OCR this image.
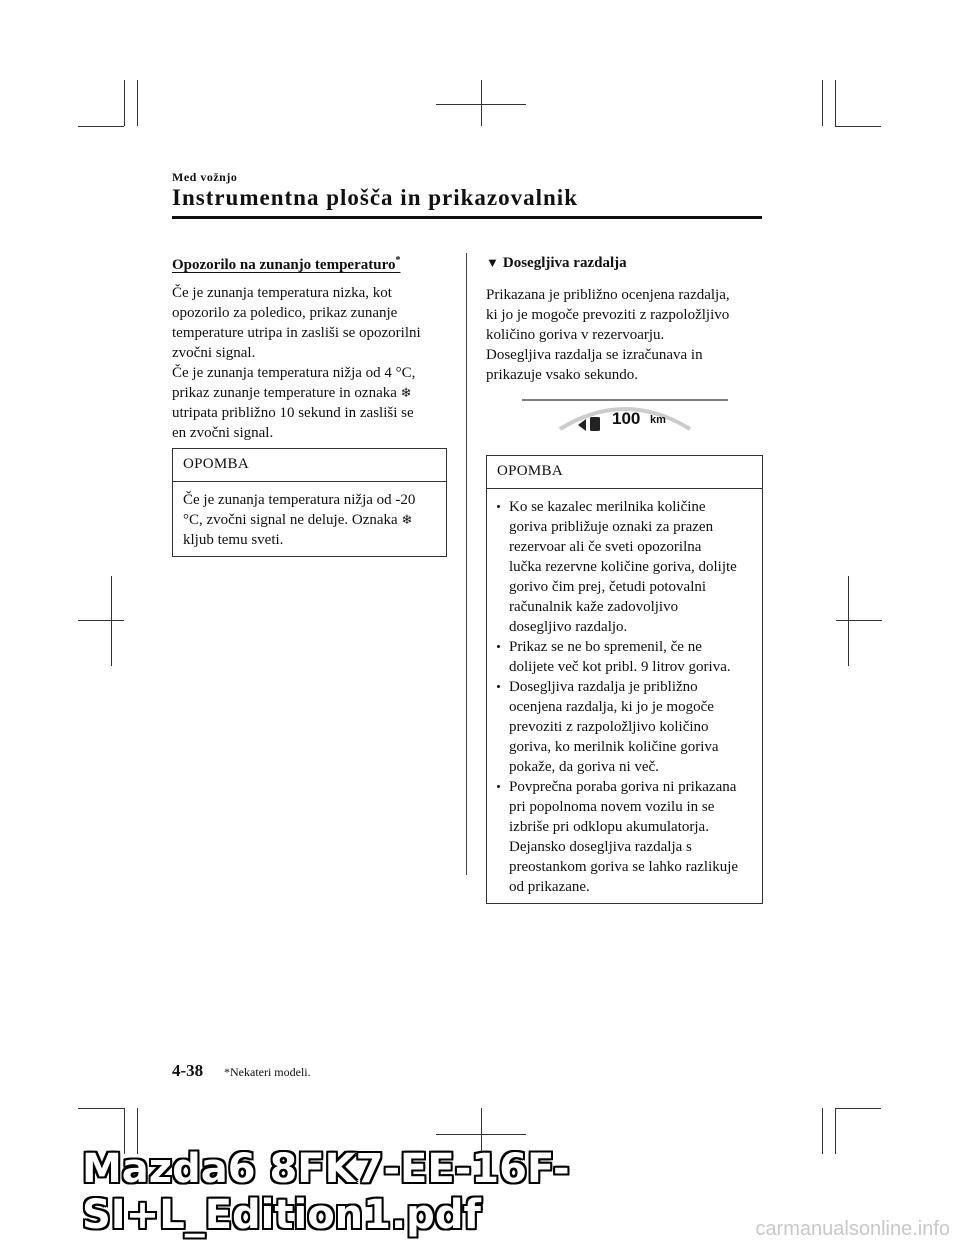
Med vožnjo
Instrumentna plošča in prikazovalnik
Opozorilo na zunanjo temperaturo*
Če je zunanja temperatura nizka, kot
opozorilo za poledico, prikaz zunanje
temperature utripa in zasliši se opozorilni
zvočni signal.
Če je zunanja temperatura nižja od 4 °C,
prikaz zunanje temperature in oznaka ❄
utripata približno 10 sekund in zasliši se
en zvočni signal.
OPOMBA
Če je zunanja temperatura nižja od -20
°C, zvočni signal ne deluje. Oznaka ❄
kljub temu sveti.
▼ Dosegljiva razdalja
Prikazana je približno ocenjena razdalja,
ki jo je mogoče prevoziti z razpoložljivo
količino goriva v rezervoarju.
Dosegljiva razdalja se izračunava in
prikazuje vsako sekundo.
100 km
OPOMBA
Ko se kazalec merilnika količine
goriva približuje oznaki za prazen
rezervoar ali če sveti opozorilna
lučka rezervne količine goriva, dolijte
gorivo čim prej, četudi potovalni
računalnik kaže zadovoljivo
dosegljivo razdaljo.
Prikaz se ne bo spremenil, če ne
dolijete več kot pribl. 9 litrov goriva.
Dosegljiva razdalja je približno
ocenjena razdalja, ki jo je mogoče
prevoziti z razpoložljivo količino
goriva, ko merilnik količine goriva
pokaže, da goriva ni več.
Povprečna poraba goriva ni prikazana
pri popolnoma novem vozilu in se
izbriše pri odklopu akumulatorja.
Dejansko dosegljiva razdalja s
preostankom goriva se lahko razlikuje
od prikazane.
4-38 *Nekateri modeli.
Mazda6 8FK7-EE-16F-SI+L_Edition1.pdf	carmanualsonline.info
